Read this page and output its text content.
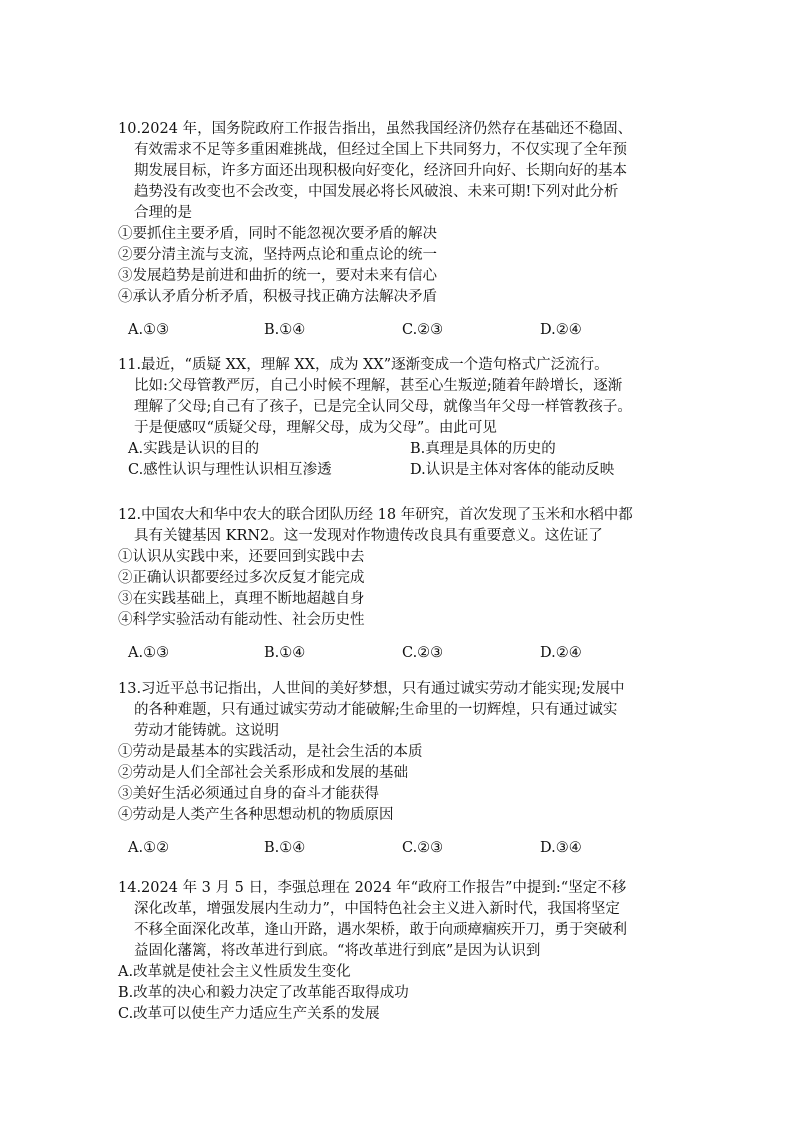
10.2024 年，国务院政府工作报告指出，虽然我国经济仍然存在基础还不稳固、
有效需求不足等多重困难挑战，但经过全国上下共同努力，不仅实现了全年预
期发展目标，许多方面还出现积极向好变化，经济回升向好、长期向好的基本
趋势没有改变也不会改变，中国发展必将长风破浪、未来可期!下列对此分析
合理的是
①要抓住主要矛盾，同时不能忽视次要矛盾的解决
②要分清主流与支流，坚持两点论和重点论的统一
③发展趋势是前进和曲折的统一，要对未来有信心
④承认矛盾分析矛盾，积极寻找正确方法解决矛盾
A.①③	B.①④	C.②③	D.②④
11.最近，“质疑 XX，理解 XX，成为 XX”逐渐变成一个造句格式广泛流行。
比如:父母管教严厉，自己小时候不理解，甚至心生叛逆;随着年龄增长，逐渐
理解了父母;自己有了孩子，已是完全认同父母，就像当年父母一样管教孩子。
于是便感叹“质疑父母，理解父母，成为父母”。由此可见
A.实践是认识的目的	B.真理是具体的历史的
C.感性认识与理性认识相互渗透	D.认识是主体对客体的能动反映
12.中国农大和华中农大的联合团队历经 18 年研究，首次发现了玉米和水稻中都
具有关键基因 KRN2。这一发现对作物遗传改良具有重要意义。这佐证了
①认识从实践中来，还要回到实践中去
②正确认识都要经过多次反复才能完成
③在实践基础上，真理不断地超越自身
④科学实验活动有能动性、社会历史性
A.①③	B.①④	C.②③	D.②④
13.习近平总书记指出，人世间的美好梦想，只有通过诚实劳动才能实现;发展中
的各种难题，只有通过诚实劳动才能破解;生命里的一切辉煌，只有通过诚实
劳动才能铸就。这说明
①劳动是最基本的实践活动，是社会生活的本质
②劳动是人们全部社会关系形成和发展的基础
③美好生活必须通过自身的奋斗才能获得
④劳动是人类产生各种思想动机的物质原因
A.①②	B.①④	C.②③	D.③④
14.2024 年 3 月 5 日，李强总理在 2024 年“政府工作报告”中提到:“坚定不移
深化改革，增强发展内生动力”，中国特色社会主义进入新时代，我国将坚定
不移全面深化改革，逢山开路，遇水架桥，敢于向顽瘴痼疾开刀，勇于突破利
益固化藩篱，将改革进行到底。“将改革进行到底”是因为认识到
A.改革就是使社会主义性质发生变化
B.改革的决心和毅力决定了改革能否取得成功
C.改革可以使生产力适应生产关系的发展
